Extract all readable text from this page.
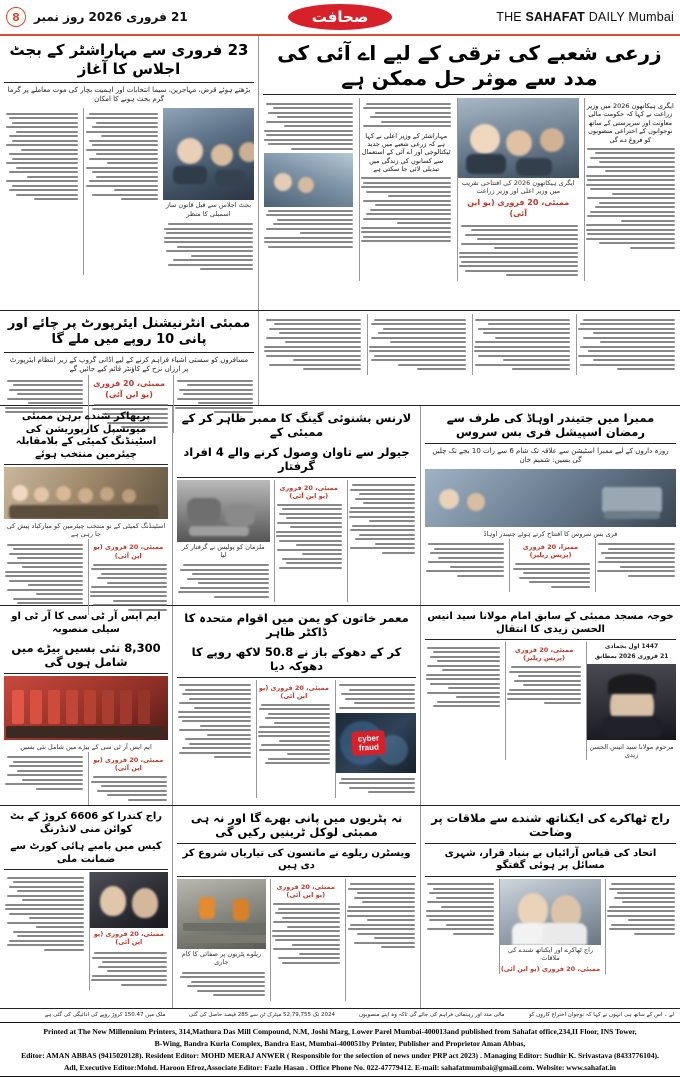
8	21 فروری 2026 روز نمبر	صحافت	THE SAHAFAT DAILY Mumbai
23 فروری سے مہاراشٹر کے بجٹ اجلاس کا آغاز
بڑھتے ہوئے قرض، مہاجرین، سیما انتخابات اور اہمیت بچار کی موت معاملے پر گرما گرم بحث ہونے کا امکان
بجٹ اجلاس سے قبل قانون ساز اسمبلی کا منظر
زرعی شعبے کی ترقی کے لیے اے آئی کی مدد سے موثر حل ممکن ہے
مہاراشٹر کے وزیر اعلی نے کہا ہے کہ زرعی شعبے میں جدید ٹیکنالوجی اور اے آئی کے استعمال سے کسانوں کی زندگی میں تبدیلی لائی جا سکتی ہے
ایگری ہیکاتھون 2026 کی افتتاحی تقریب میں وزیر اعلی اور وزیر زراعت
ممبئی، 20 فروری (یو این آئی)
ایگری ہیکاتھون 2026 میں وزیر زراعت نے کہا کہ حکومت مالی معاونت اور سرپرستی کے ساتھ نوجوانوں کے اختراعی منصوبوں کو فروغ دے گی
ممبئی انٹرنیشنل ایئرپورٹ پر چائے اور پانی 10 روپے میں ملے گا
مسافروں کو سستی اشیاء فراہم کرنے کے لیے اڈانی گروپ کے زیر انتظام ایئرپورٹ پر ارزاں نرخ کے کاؤنٹر قائم کیے جائیں گے
ممبئی، 20 فروری (یو این آئی)
پربھاکر شندے برہن ممبئی میونسپل کارپوریشن کی اسٹینڈنگ کمیٹی کے بلامقابلہ چیئرمین منتخب ہوئے
اسٹینڈنگ کمیٹی کے نو منتخب چیئرمین کو مبارکباد پیش کی جا رہی ہے
ممبئی، 20 فروری (یو این آئی)
لارنس بشنوئی گینگ کا ممبر ظاہر کر کے ممبئی کے
جیولر سے تاوان وصول کرنے والے 4 افراد گرفتار
ملزمان کو پولیس نے گرفتار کر لیا
ممبئی، 20 فروری (یو این آئی)
ممبرا میں جتیندر اوہاڈ کی طرف سے رمضان اسپیشل فری بس سروس
روزہ داروں کے لیے ممبرا اسٹیشن سے علاقہ تک شام 6 سے رات 10 بجے تک چلیں گی بسیں: شمیم خان
فری بس سروس کا افتتاح کرتے ہوئے جتیندر اوہاڈ
ممبرا، 20 فروری (پریس ریلیز)
ایم ایس آر ٹی سی کا آر ٹی او سیلی منصوبہ
8,300 نئی بسیں بیڑے میں شامل ہوں گی
ایم ایس آر ٹی سی کے بیڑے میں شامل نئی بسیں
ممبئی، 20 فروری (یو این آئی)
معمر خاتون کو یمن میں اقوام متحدہ کا ڈاکٹر ظاہر
کر کے دھوکے باز نے 50.8 لاکھ روپے کا دھوکہ دیا
ممبئی، 20 فروری (یو این آئی)
cyber
fraud
خوجہ مسجد ممبئی کے سابق امام مولانا سید انیس الحسن زیدی کا انتقال
ممبئی، 20 فروری (پریس ریلیز)
1447 اول بجمادی
21 فروری 2026 بمطابق
مرحوم مولانا سید انیس الحسن زیدی
راج کندرا کو 6606 کروڑ کے بٹ کوائن منی لانڈرنگ
کیس میں بامبے ہائی کورٹ سے ضمانت ملی
ممبئی، 20 فروری (یو این آئی)
نہ پٹریوں میں پانی بھرے گا اور نہ ہی ممبئی لوکل ٹرینیں رکیں گی
ویسٹرن ریلوے نے مانسون کی تیاریاں شروع کر دی ہیں
ریلوے پٹریوں پر صفائی کا کام جاری
ممبئی، 20 فروری (یو این آئی)
راج ٹھاکرے کی ایکناتھ شندے سے ملاقات پر وضاحت
اتحاد کی قیاس آرائیاں بے بنیاد قرار، شہری مسائل پر ہوئی گفتگو
راج ٹھاکرے اور ایکناتھ شندے کی ملاقات
ممبئی، 20 فروری (یو این آئی)
لے ۔ اس کے ساتھ ہی انہوں نے کہا کہ نوجوان اختراع کاروں کو
مالی مدد اور رہنمائی فراہم کی جائے گی تاکہ وہ اپنے منصوبوں
2024 تک 52,79,755 میٹرک ٹن سے 285 فیصد حاصل کی گئی
ملک میں 150.47 کروڑ روپے کی ادائیگی کی گئی ہے
Printed at The New Millennium Printers, 314,Mathura Das Mill Compound, N.M, Joshi Marg, Lower Parel Mumbai-400013and published from Sahafat office,234,II Floor, INS Tower,
B-Wing, Bandra Kurla Complex, Bandra East, Mumbai-400051by Printer, Publisher and Proprietor Aman Abbas,
Editor: AMAN ABBAS (9415020128). Resident Editor: MOHD MERAJ ANWER ( Responsible for the selection of news under PRP act 2023) . Managing Editor: Sudhir K. Srivastava (8433776104).
Adl, Executive Editor:Mohd. Haroon Efroz,Associate Editor: Fazle Hasan . Office Phone No. 022-47779412. E-mail: sahafatmumbai@gmail.com. Website: www.sahafat.in
